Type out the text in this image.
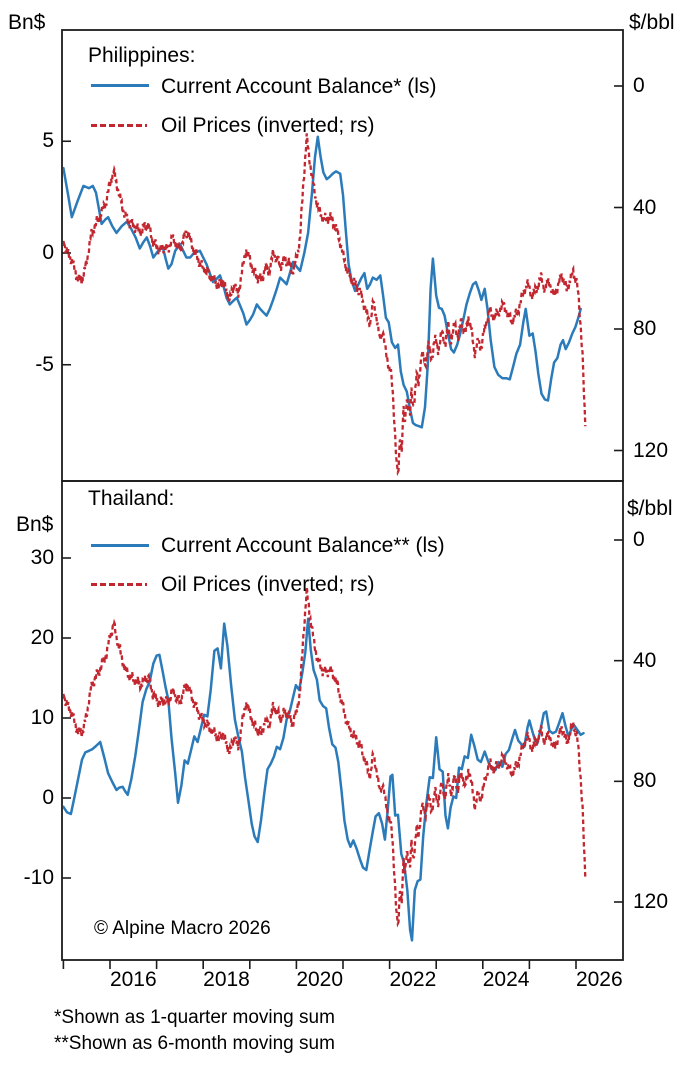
Bn$	$/bbl
Philippines:
Current Account Balance* (ls)
Oil Prices (inverted; rs)
Bn$
$/bbl
Thailand:
Current Account Balance** (ls)
Oil Prices (inverted; rs)
© Alpine Macro 2026
*Shown as 1-quarter moving sum
**Shown as 6-month moving sum
5
0
-5
0
40
80
120
30
20
10
0
-10
0
40
80
120
2016	2018	2020	2022	2024	2026
